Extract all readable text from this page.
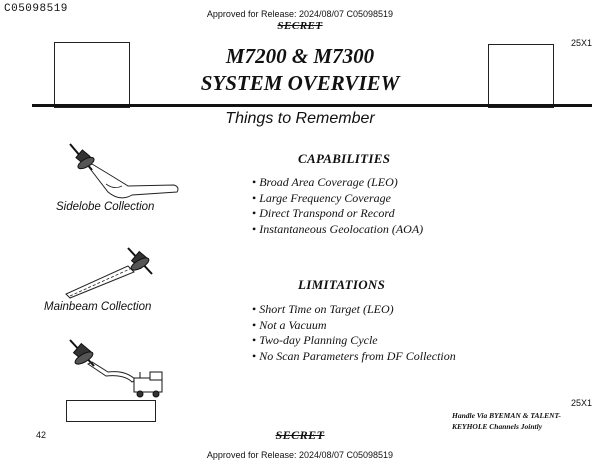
C05098519	Approved for Release: 2024/08/07 C05098519
SECRET
25X1
M7200 & M7300
SYSTEM OVERVIEW
Things to Remember
Sidelobe Collection
Mainbeam Collection
CAPABILITIES
• Broad Area Coverage (LEO)
• Large Frequency Coverage
• Direct Transpond or Record
• Instantaneous Geolocation (AOA)
LIMITATIONS
• Short Time on Target (LEO)
• Not a Vacuum
• Two-day Planning Cycle
• No Scan Parameters from DF Collection
25X1
Handle Via BYEMAN & TALENT-
KEYHOLE Channels Jointly
42	SECRET
Approved for Release: 2024/08/07 C05098519
